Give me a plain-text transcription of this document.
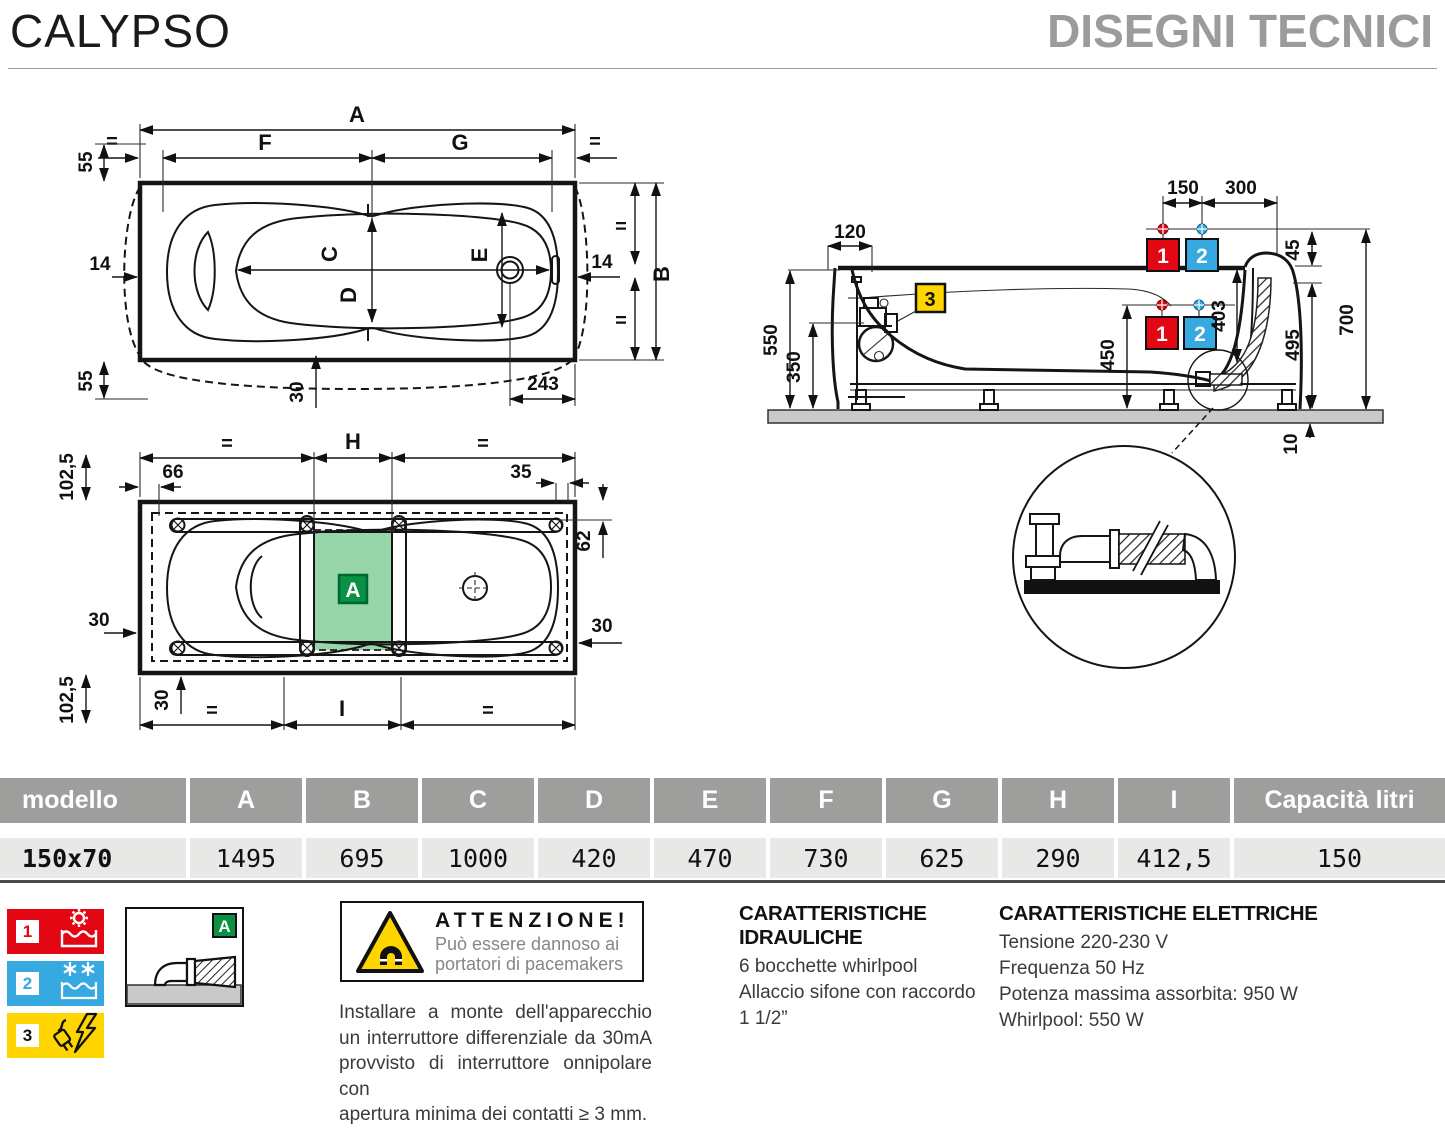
CALYPSO	DISEGNI TECNICI
A
F	G
=	=
55
55
14	14
B
=
=
C
D
E
30	243
A
=	H	=
66	35
62
30	30
102,5
102,5	30 =	I	=
3
550
350
120
150 300
1 2
1 2
45
700
403
450	495
10
modello	A	B	C	D	E	F	G	H	I	Capacità litri
150x70	1495	695	1000	420	470	730	625	290	412,5	150
1
2
3
A	ATTENZIONE!
Può essere dannoso ai
portatori di pacemakers
Installare a monte dell'apparecchio
un interruttore differenziale da 30mA
provvisto di interruttore onnipolare con
apertura minima dei contatti ≥ 3 mm.
CARATTERISTICHE IDRAULICHE
6 bocchette whirlpool
Allaccio sifone con raccordo 1 1/2”
CARATTERISTICHE ELETTRICHE
Tensione 220-230 V
Frequenza 50 Hz
Potenza massima assorbita: 950 W
Whirlpool: 550 W
